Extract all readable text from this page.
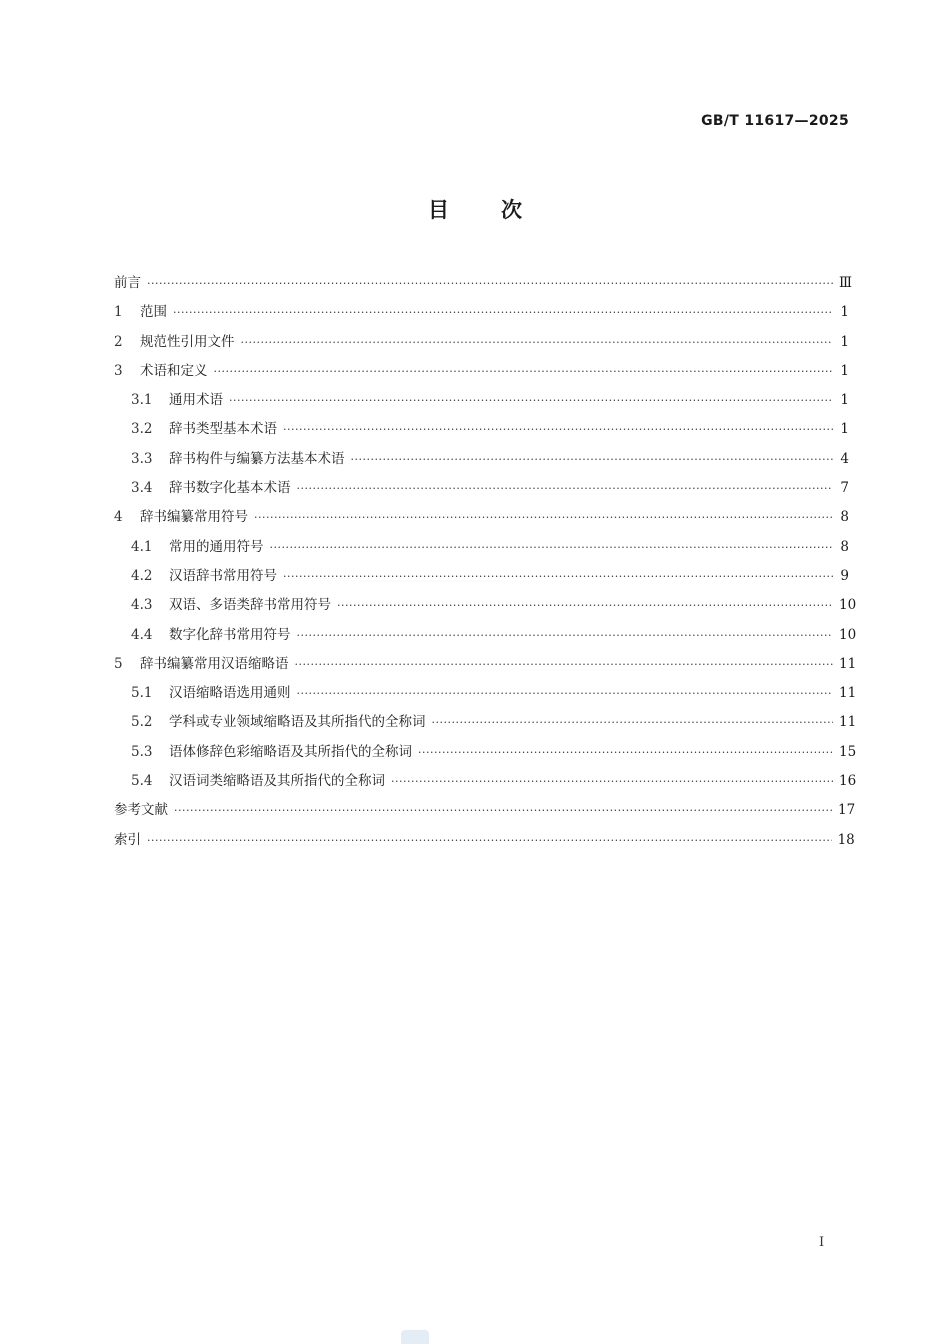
GB/T 11617—2025
目次
前言 ·····	Ⅲ
1	范围 ·····	1
2	规范性引用文件 ·····	1
3	术语和定义 ·····	1
3.1	通用术语 ·····	1
3.2	辞书类型基本术语 ·····	1
3.3	辞书构件与编纂方法基本术语 ·····	4
3.4	辞书数字化基本术语 ·····	7
4	辞书编纂常用符号 ·····	8
4.1	常用的通用符号 ·····	8
4.2	汉语辞书常用符号 ·····	9
4.3	双语、多语类辞书常用符号 ·····	10
4.4	数字化辞书常用符号 ·····	10
5	辞书编纂常用汉语缩略语 ·····	11
5.1	汉语缩略语选用通则 ·····	11
5.2	学科或专业领域缩略语及其所指代的全称词 ·····	11
5.3	语体修辞色彩缩略语及其所指代的全称词 ·····	15
5.4	汉语词类缩略语及其所指代的全称词 ·····	16
参考文献 ·····	17
索引 ·····	18
Ⅰ
